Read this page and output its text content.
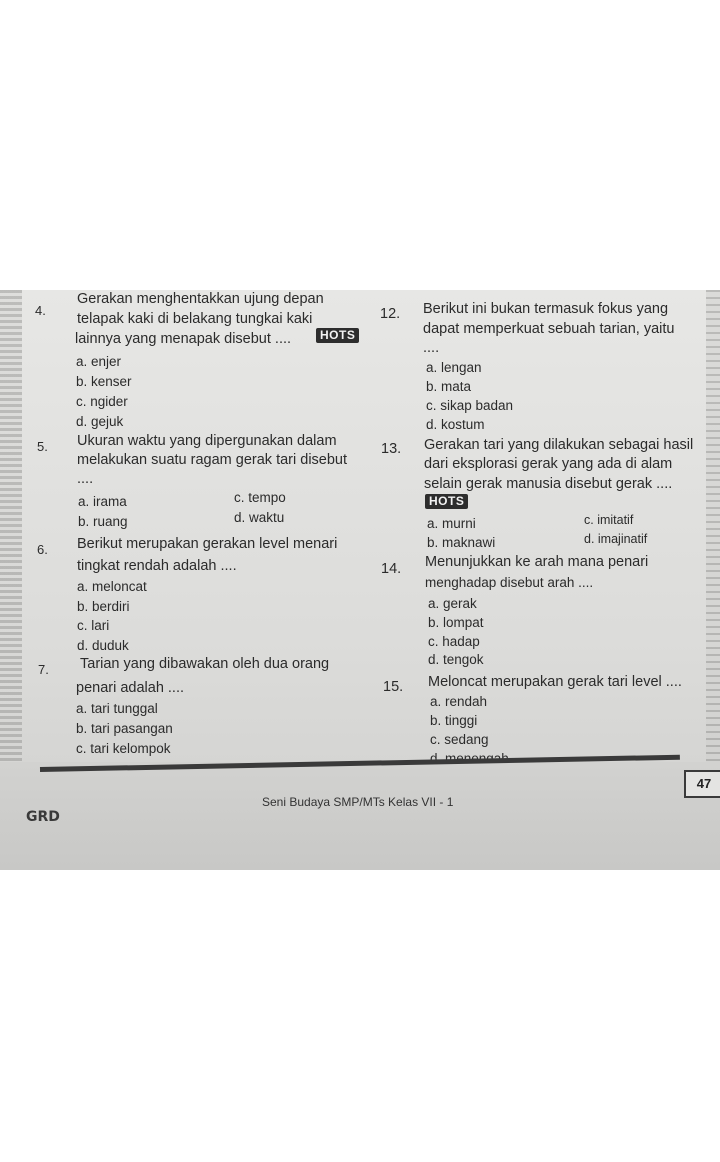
4.
Gerakan menghentakkan ujung depan
telapak kaki di belakang tungkai kaki
lainnya yang menapak disebut ....	HOTS
a. enjer
b. kenser
c. ngider
d. gejuk
5. Ukuran waktu yang dipergunakan dalam
melakukan suatu ragam gerak tari disebut
....
a. irama
b. ruang
c. tempo
d. waktu
6. Berikut merupakan gerakan level menari
tingkat rendah adalah ....
a. meloncat
b. berdiri
c. lari
d. duduk
7. Tarian yang dibawakan oleh dua orang
penari adalah ....
a. tari tunggal
b. tari pasangan
c. tari kelompok
12. Berikut ini bukan termasuk fokus yang
dapat memperkuat sebuah tarian, yaitu
....
a. lengan
b. mata
c. sikap badan
d. kostum
13. Gerakan tari yang dilakukan sebagai hasil
dari eksplorasi gerak yang ada di alam
selain gerak manusia disebut gerak ....
HOTS
a. murni
b. maknawi
c. imitatif
d. imajinatif
14. Menunjukkan ke arah mana penari
menghadap disebut arah ....
a. gerak
b. lompat
c. hadap
d. tengok
15. Meloncat merupakan gerak tari level ....
a. rendah
b. tinggi
c. sedang
47
Seni Budaya SMP/MTs Kelas VII - 1
GRD
